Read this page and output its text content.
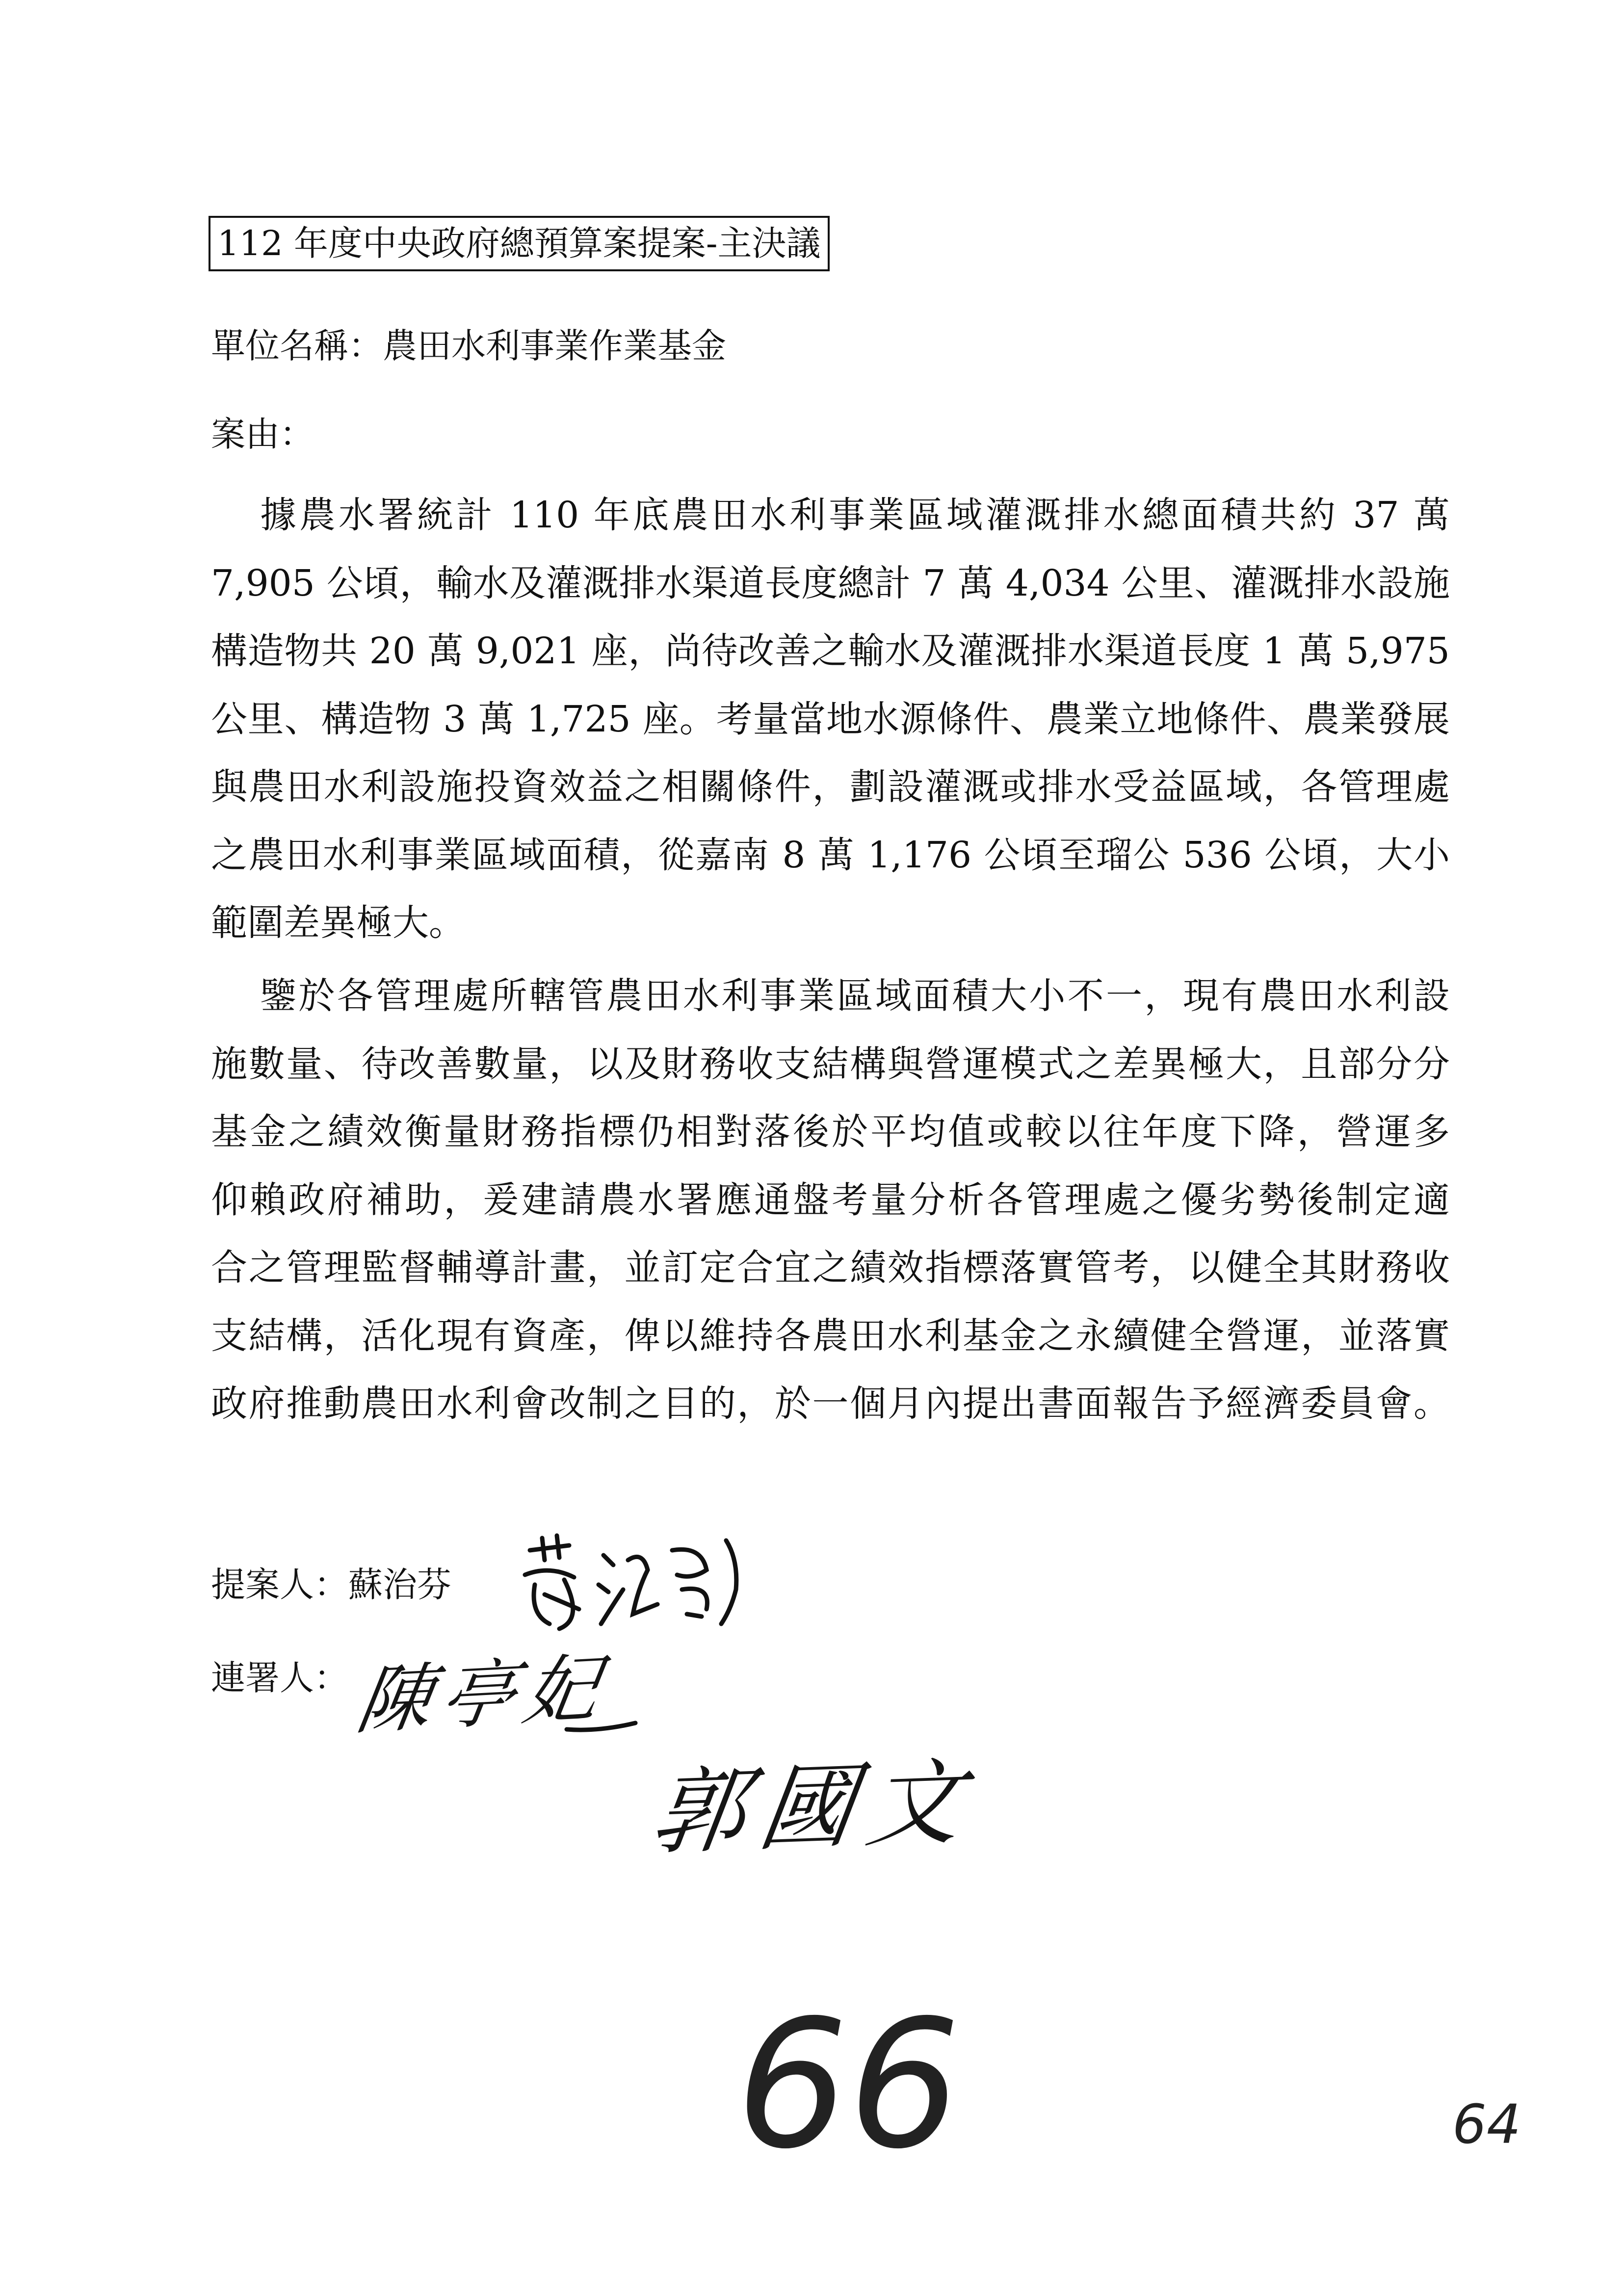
112 年度中央政府總預算案提案-主決議
單位名稱：農田水利事業作業基金
案由：
據農水署統計 110 年底農田水利事業區域灌溉排水總面積共約 37 萬
7,905 公頃，輸水及灌溉排水渠道長度總計 7 萬 4,034 公里、灌溉排水設施
構造物共 20 萬 9,021 座，尚待改善之輸水及灌溉排水渠道長度 1 萬 5,975
公里、構造物 3 萬 1,725 座。考量當地水源條件、農業立地條件、農業發展
與農田水利設施投資效益之相關條件，劃設灌溉或排水受益區域，各管理處
之農田水利事業區域面積，從嘉南 8 萬 1,176 公頃至瑠公 536 公頃，大小
範圍差異極大。
鑒於各管理處所轄管農田水利事業區域面積大小不一，現有農田水利設
施數量、待改善數量，以及財務收支結構與營運模式之差異極大，且部分分
基金之績效衡量財務指標仍相對落後於平均值或較以往年度下降，營運多
仰賴政府補助，爰建請農水署應通盤考量分析各管理處之優劣勢後制定適
合之管理監督輔導計畫，並訂定合宜之績效指標落實管考，以健全其財務收
支結構，活化現有資產，俾以維持各農田水利基金之永續健全營運，並落實
政府推動農田水利會改制之目的，於一個月內提出書面報告予經濟委員會。
提案人：蘇治芬
連署人： 陳亭妃
郭國文
66	64
